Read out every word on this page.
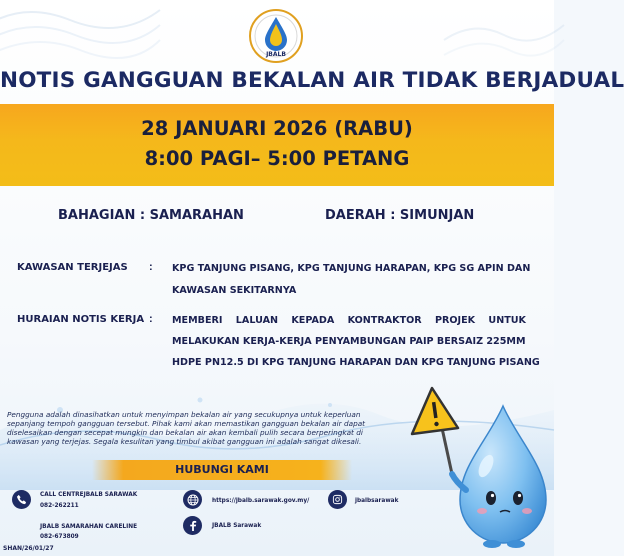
JBALB
NOTIS GANGGUAN BEKALAN AIR TIDAK BERJADUAL
28 JANUARI 2026 (RABU)
8:00 PAGI– 5:00 PETANG
BAHAGIAN : SAMARAHAN	DAERAH : SIMUNJAN
KAWASAN TERJEJAS : KPG TANJUNG PISANG, KPG TANJUNG HARAPAN, KPG SG APIN DAN
KAWASAN SEKITARNYA
HURAIAN NOTIS KERJA : MEMBERI LALUAN KEPADA KONTRAKTOR PROJEK UNTUK
MELAKUKAN KERJA-KERJA PENYAMBUNGAN PAIP BERSAIZ 225MM
HDPE PN12.5 DI KPG TANJUNG HARAPAN DAN KPG TANJUNG PISANG
Pengguna adalah dinasihatkan untuk menyimpan bekalan air yang secukupnya untuk keperluan
sepanjang tempoh gangguan tersebut. Pihak kami akan memastikan gangguan bekalan air dapat
diselesaikan dengan secepat mungkin dan bekalan air akan kembali pulih secara berperingkat di
kawasan yang terjejas. Segala kesulitan yang timbul akibat gangguan ini adalah sangat dikesali.
HUBUNGI KAMI
CALL CENTREJBALB SARAWAK
082-262211
JBALB SAMARAHAN CARELINE
082-673809
https://jbalb.sarawak.gov.my/	jbalbsarawak
JBALB Sarawak
SHAN/26/01/27
